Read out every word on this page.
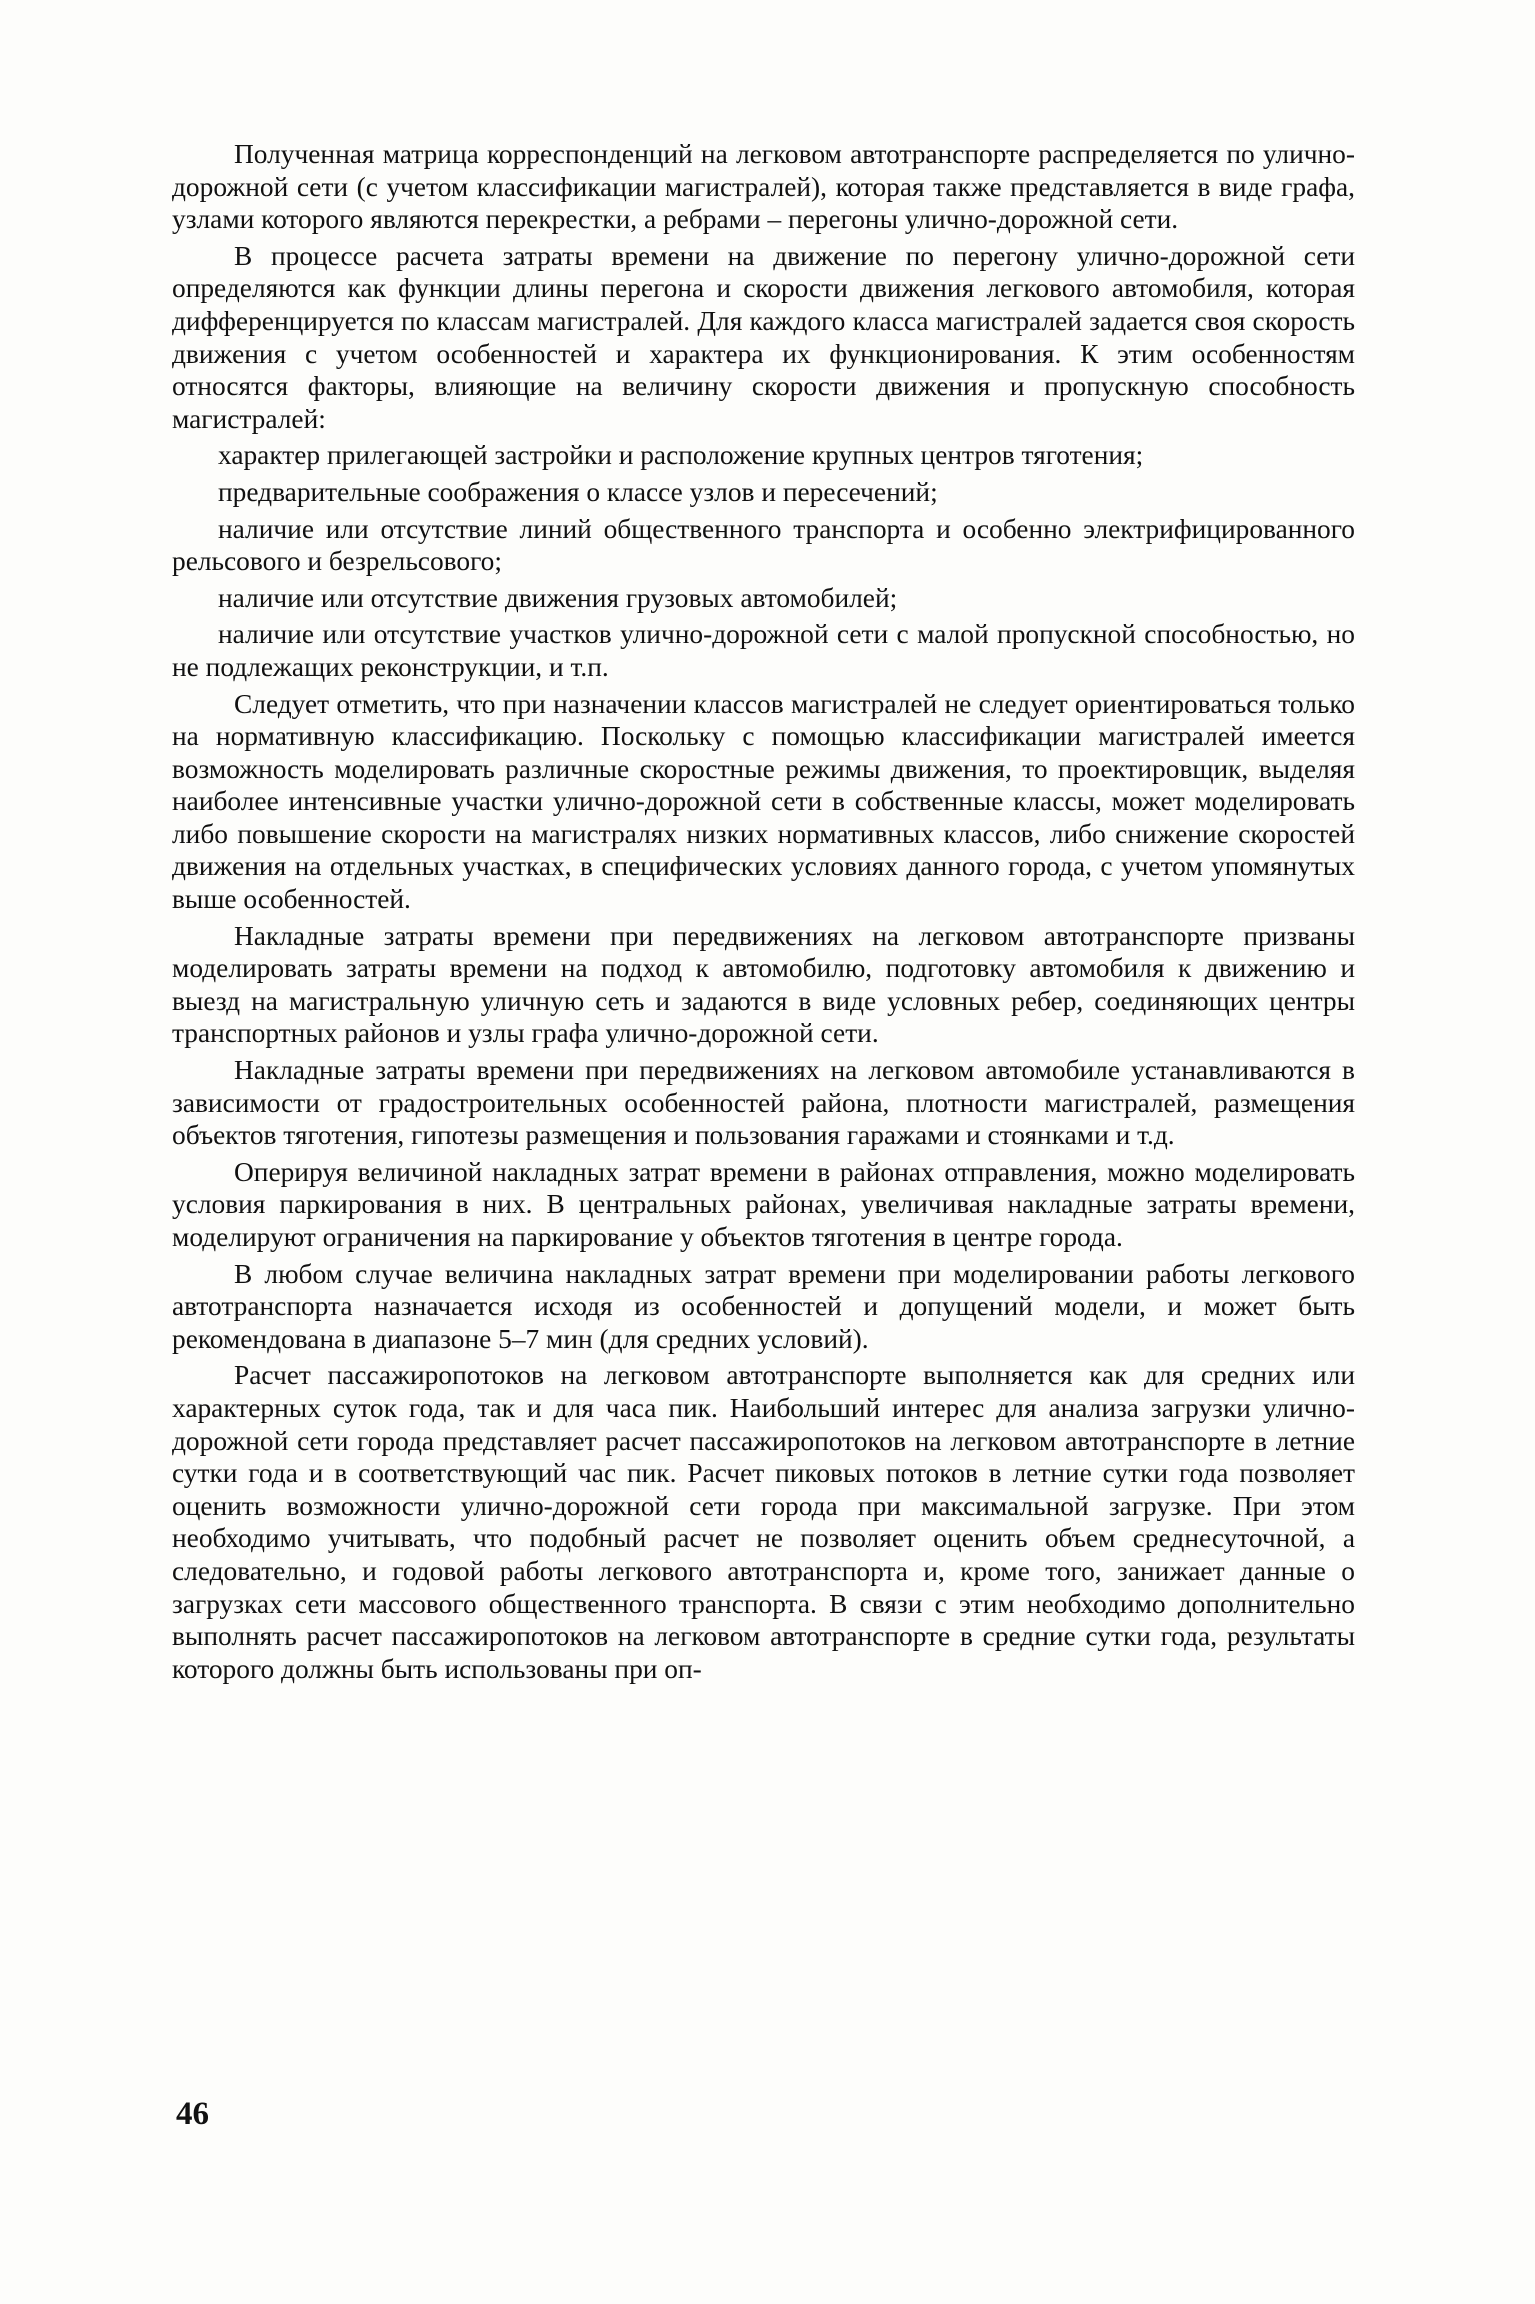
Полученная матрица корреспонденций на легковом автотранспорте распределяется по улично-дорожной сети (с учетом классификации магистралей), которая также представляется в виде графа, узлами которого являются перекрестки, а ребрами – перегоны улично-дорожной сети.

В процессе расчета затраты времени на движение по перегону улично-дорожной сети определяются как функции длины перегона и скорости движения легкового автомобиля, которая дифференцируется по классам магистралей. Для каждого класса магистралей задается своя скорость движения с учетом особенностей и характера их функционирования. К этим особенностям относятся факторы, влияющие на величину скорости движения и пропускную способность магистралей:

характер прилегающей застройки и расположение крупных центров тяготения;

предварительные соображения о классе узлов и пересечений;

наличие или отсутствие линий общественного транспорта и особенно электрифицированного рельсового и безрельсового;

наличие или отсутствие движения грузовых автомобилей;

наличие или отсутствие участков улично-дорожной сети с малой пропускной способностью, но не подлежащих реконструкции, и т.п.

Следует отметить, что при назначении классов магистралей не следует ориентироваться только на нормативную классификацию. Поскольку с помощью классификации магистралей имеется возможность моделировать различные скоростные режимы движения, то проектировщик, выделяя наиболее интенсивные участки улично-дорожной сети в собственные классы, может моделировать либо повышение скорости на магистралях низких нормативных классов, либо снижение скоростей движения на отдельных участках, в специфических условиях данного города, с учетом упомянутых выше особенностей.

Накладные затраты времени при передвижениях на легковом автотранспорте призваны моделировать затраты времени на подход к автомобилю, подготовку автомобиля к движению и выезд на магистральную уличную сеть и задаются в виде условных ребер, соединяющих центры транспортных районов и узлы графа улично-дорожной сети.

Накладные затраты времени при передвижениях на легковом автомобиле устанавливаются в зависимости от градостроительных особенностей района, плотности магистралей, размещения объектов тяготения, гипотезы размещения и пользования гаражами и стоянками и т.д.

Оперируя величиной накладных затрат времени в районах отправления, можно моделировать условия паркирования в них. В центральных районах, увеличивая накладные затраты времени, моделируют ограничения на паркирование у объектов тяготения в центре города.

В любом случае величина накладных затрат времени при моделировании работы легкового автотранспорта назначается исходя из особенностей и допущений модели, и может быть рекомендована в диапазоне 5–7 мин (для средних условий).

Расчет пассажиропотоков на легковом автотранспорте выполняется как для средних или характерных суток года, так и для часа пик. Наибольший интерес для анализа загрузки улично-дорожной сети города представляет расчет пассажиропотоков на легковом автотранспорте в летние сутки года и в соответствующий час пик. Расчет пиковых потоков в летние сутки года позволяет оценить возможности улично-дорожной сети города при максимальной загрузке. При этом необходимо учитывать, что подобный расчет не позволяет оценить объем среднесуточной, а следовательно, и годовой работы легкового автотранспорта и, кроме того, занижает данные о загрузках сети массового общественного транспорта. В связи с этим необходимо дополнительно выполнять расчет пассажиропотоков на легковом автотранспорте в средние сутки года, результаты которого должны быть использованы при оп-

46
